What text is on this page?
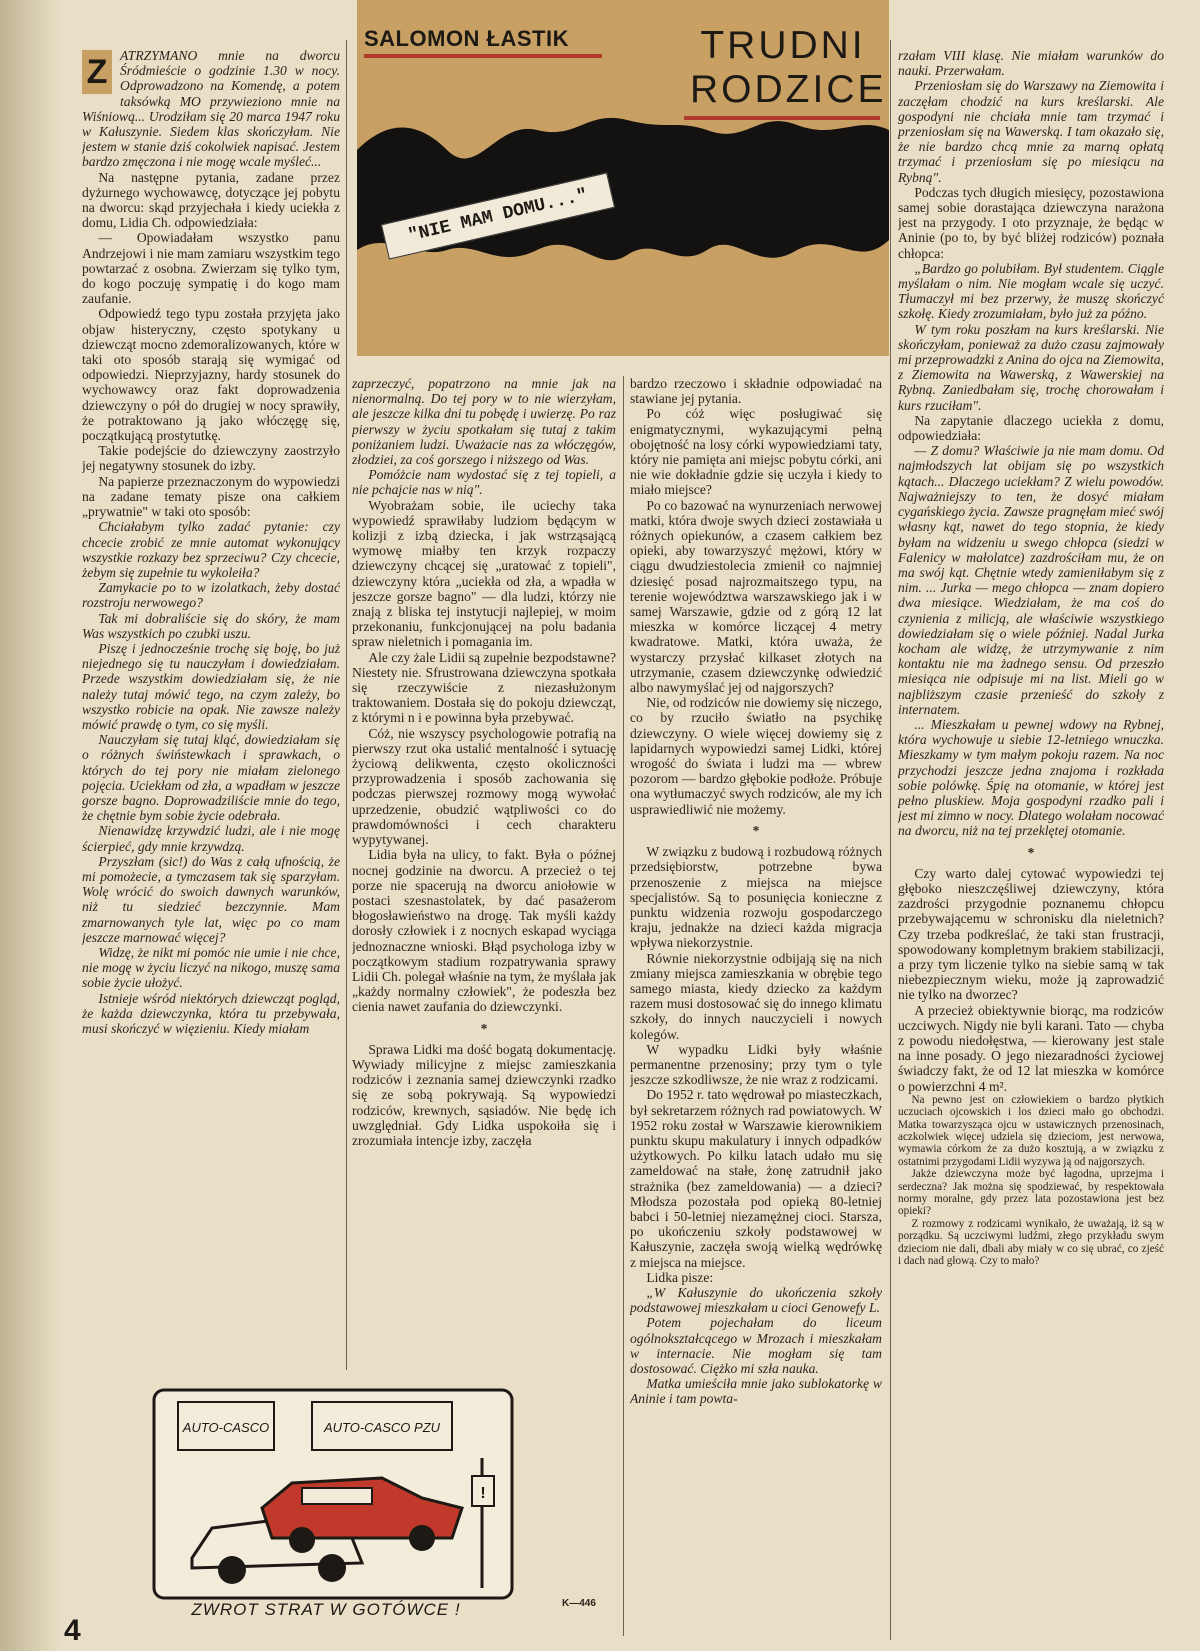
SALOMON ŁASTIK	TRUDNI
RODZICE
"NIE MAM DOMU..."
Z ATRZYMANO mnie na dworcu Śródmieście o godzinie 1.30 w nocy. Odprowadzono na Komendę, a potem taksówką MO przywieziono mnie na Wiśniową... Urodziłam się 20 marca 1947 roku w Kałuszynie. Siedem klas skończyłam. Nie jestem w stanie dziś cokolwiek napisać. Jestem bardzo zmęczona i nie mogę wcale myśleć...

Na następne pytania, zadane przez dyżurnego wychowawcę, dotyczące jej pobytu na dworcu: skąd przyjechała i kiedy uciekła z domu, Lidia Ch. odpowiedziała:

— Opowiadałam wszystko panu Andrzejowi i nie mam zamiaru wszystkim tego powtarzać z osobna. Zwierzam się tylko tym, do kogo poczuję sympatię i do kogo mam zaufanie.

Odpowiedź tego typu została przyjęta jako objaw histeryczny, często spotykany u dziewcząt mocno zdemoralizowanych, które w taki oto sposób starają się wymigać od odpowiedzi. Nieprzyjazny, hardy stosunek do wychowawcy oraz fakt doprowadzenia dziewczyny o pół do drugiej w nocy sprawiły, że potraktowano ją jako włóczęgę się, początkującą prostytutkę.

Takie podejście do dziewczyny zaostrzyło jej negatywny stosunek do izby.

Na papierze przeznaczonym do wypowiedzi na zadane tematy pisze ona całkiem „prywatnie" w taki oto sposób:

Chciałabym tylko zadać pytanie: czy chcecie zrobić ze mnie automat wykonujący wszystkie rozkazy bez sprzeciwu? Czy chcecie, żebym się zupełnie tu wykoleiła?

Zamykacie po to w izolatkach, żeby dostać rozstroju nerwowego?

Tak mi dobraliście się do skóry, że mam Was wszystkich po czubki uszu.

Piszę i jednocześnie trochę się boję, bo już niejednego się tu nauczyłam i dowiedziałam. Przede wszystkim dowiedziałam się, że nie należy tutaj mówić tego, na czym zależy, bo wszystko robicie na opak. Nie zawsze należy mówić prawdę o tym, co się myśli.

Nauczyłam się tutaj kląć, dowiedziałam się o różnych świństewkach i sprawkach, o których do tej pory nie miałam zielonego pojęcia. Uciekłam od zła, a wpadłam w jeszcze gorsze bagno. Doprowadziliście mnie do tego, że chętnie bym sobie życie odebrała.

Nienawidzę krzywdzić ludzi, ale i nie mogę ścierpieć, gdy mnie krzywdzą.

Przyszłam (sic!) do Was z całą ufnością, że mi pomożecie, a tymczasem tak się sparzyłam. Wolę wrócić do swoich dawnych warunków, niż tu siedzieć bezczynnie. Mam zmarnowanych tyle lat, więc po co mam jeszcze marnować więcej?

Widzę, że nikt mi pomóc nie umie i nie chce, nie mogę w życiu liczyć na nikogo, muszę sama sobie życie ułożyć.

Istnieje wśród niektórych dziewcząt pogląd, że każda dziewczynka, która tu przebywała, musi skończyć w więzieniu. Kiedy miałam

zaprzeczyć, popatrzono na mnie jak na nienormalną. Do tej pory w to nie wierzyłam, ale jeszcze kilka dni tu pobędę i uwierzę. Po raz pierwszy w życiu spotkałam się tutaj z takim poniżaniem ludzi. Uważacie nas za włóczęgów, złodziei, za coś gorszego i niższego od Was.

Pomóżcie nam wydostać się z tej topieli, a nie pchajcie nas w nią".

Wyobrażam sobie, ile uciechy taka wypowiedź sprawiłaby ludziom będącym w kolizji z izbą dziecka, i jak wstrząsającą wymowę miałby ten krzyk rozpaczy dziewczyny chcącej się „uratować z topieli", dziewczyny która „uciekła od zła, a wpadła w jeszcze gorsze bagno" — dla ludzi, którzy nie znają z bliska tej instytucji najlepiej, w moim przekonaniu, funkcjonującej na polu badania spraw nieletnich i pomagania im.

Ale czy żale Lidii są zupełnie bezpodstawne? Niestety nie. Sfrustrowana dziewczyna spotkała się rzeczywiście z niezasłużonym traktowaniem. Dostała się do pokoju dziewcząt, z którymi n i e powinna była przebywać.

Cóż, nie wszyscy psychologowie potrafią na pierwszy rzut oka ustalić mentalność i sytuację życiową delikwenta, często okoliczności przyprowadzenia i sposób zachowania się podczas pierwszej rozmowy mogą wywołać uprzedzenie, obudzić wątpliwości co do prawdomówności i cech charakteru wypytywanej.

Lidia była na ulicy, to fakt. Była o późnej nocnej godzinie na dworcu. A przecież o tej porze nie spacerują na dworcu aniołowie w postaci szesnastolatek, by dać pasażerom błogosławieństwo na drogę. Tak myśli każdy dorosły człowiek i z nocnych eskapad wyciąga jednoznaczne wnioski. Błąd psychologa izby w początkowym stadium rozpatrywania sprawy Lidii Ch. polegał właśnie na tym, że myślała jak „każdy normalny człowiek", że podeszła bez cienia nawet zaufania do dziewczynki.

*

Sprawa Lidki ma dość bogatą dokumentację. Wywiady milicyjne z miejsc zamieszkania rodziców i zeznania samej dziewczynki rzadko się ze sobą pokrywają. Są wypowiedzi rodziców, krewnych, sąsiadów. Nie będę ich uwzględniał. Gdy Lidka uspokoiła się i zrozumiała intencje izby, zaczęła

bardzo rzeczowo i składnie odpowiadać na stawiane jej pytania.

Po cóż więc posługiwać się enigmatycznymi, wykazującymi pełną obojętność na losy córki wypowiedziami taty, który nie pamięta ani miejsc pobytu córki, ani nie wie dokładnie gdzie się uczyła i kiedy to miało miejsce?

Po co bazować na wynurzeniach nerwowej matki, która dwoje swych dzieci zostawiała u różnych opiekunów, a czasem całkiem bez opieki, aby towarzyszyć mężowi, który w ciągu dwudziestolecia zmienił co najmniej dziesięć posad najrozmaitszego typu, na terenie województwa warszawskiego jak i w samej Warszawie, gdzie od z górą 12 lat mieszka w komórce liczącej 4 metry kwadratowe. Matki, która uważa, że wystarczy przysłać kilkaset złotych na utrzymanie, czasem dziewczynkę odwiedzić albo nawymyślać jej od najgorszych?

Nie, od rodziców nie dowiemy się niczego, co by rzuciło światło na psychikę dziewczyny. O wiele więcej dowiemy się z lapidarnych wypowiedzi samej Lidki, której wrogość do świata i ludzi ma — wbrew pozorom — bardzo głębokie podłoże. Próbuje ona wytłumaczyć swych rodziców, ale my ich usprawiedliwić nie możemy.

*

W związku z budową i rozbudową różnych przedsiębiorstw, potrzebne bywa przenoszenie z miejsca na miejsce specjalistów. Są to posunięcia konieczne z punktu widzenia rozwoju gospodarczego kraju, jednakże na dzieci każda migracja wpływa niekorzystnie.

Równie niekorzystnie odbijają się na nich zmiany miejsca zamieszkania w obrębie tego samego miasta, kiedy dziecko za każdym razem musi dostosować się do innego klimatu szkoły, do innych nauczycieli i nowych kolegów.

W wypadku Lidki były właśnie permanentne przenosiny; przy tym o tyle jeszcze szkodliwsze, że nie wraz z rodzicami.

Do 1952 r. tato wędrował po miasteczkach, był sekretarzem różnych rad powiatowych. W 1952 roku został w Warszawie kierownikiem punktu skupu makulatury i innych odpadków użytkowych. Po kilku latach udało mu się zameldować na stałe, żonę zatrudnił jako strażnika (bez zameldowania) — a dzieci? Młodsza pozostała pod opieką 80-letniej babci i 50-letniej niezamężnej cioci. Starsza, po ukończeniu szkoły podstawowej w Kałuszynie, zaczęła swoją wielką wędrówkę z miejsca na miejsce.

Lidka pisze:

„W Kałuszynie do ukończenia szkoły podstawowej mieszkałam u cioci Genowefy L.

Potem pojechałam do liceum ogólnokształcącego w Mrozach i mieszkałam w internacie. Nie mogłam się tam dostosować. Ciężko mi szła nauka.

Matka umieściła mnie jako sublokatorkę w Aninie i tam powta-

rzałam VIII klasę. Nie miałam warunków do nauki. Przerwałam.

Przeniosłam się do Warszawy na Ziemowita i zaczęłam chodzić na kurs kreślarski. Ale gospodyni nie chciała mnie tam trzymać i przeniosłam się na Wawerską. I tam okazało się, że nie bardzo chcą mnie za marną opłatą trzymać i przeniosłam się po miesiącu na Rybną".

Podczas tych długich miesięcy, pozostawiona samej sobie dorastająca dziewczyna narażona jest na przygody. I oto przyznaje, że będąc w Aninie (po to, by być bliżej rodziców) poznała chłopca:

„Bardzo go polubiłam. Był studentem. Ciągle myślałam o nim. Nie mogłam wcale się uczyć. Tłumaczył mi bez przerwy, że muszę skończyć szkołę. Kiedy zrozumiałam, było już za późno.

W tym roku poszłam na kurs kreślarski. Nie skończyłam, ponieważ za dużo czasu zajmowały mi przeprowadzki z Anina do ojca na Ziemowita, z Ziemowita na Wawerską, z Wawerskiej na Rybną. Zaniedbałam się, trochę chorowałam i kurs rzuciłam".

Na zapytanie dlaczego uciekła z domu, odpowiedziała:

— Z domu? Właściwie ja nie mam domu. Od najmłodszych lat obijam się po wszystkich kątach... Dlaczego uciekłam? Z wielu powodów. Najważniejszy to ten, że dosyć miałam cygańskiego życia. Zawsze pragnęłam mieć swój własny kąt, nawet do tego stopnia, że kiedy byłam na widzeniu u swego chłopca (siedzi w Falenicy w małolatce) zazdrościłam mu, że on ma swój kąt. Chętnie wtedy zamieniłabym się z nim. ... Jurka — mego chłopca — znam dopiero dwa miesiące. Wiedziałam, że ma coś do czynienia z milicją, ale właściwie wszystkiego dowiedziałam się o wiele później. Nadal Jurka kocham ale widzę, że utrzymywanie z nim kontaktu nie ma żadnego sensu. Od przeszło miesiąca nie odpisuje mi na list. Mieli go w najbliższym czasie przenieść do szkoły z internatem.

... Mieszkałam u pewnej wdowy na Rybnej, która wychowuje u siebie 12-letniego wnuczka. Mieszkamy w tym małym pokoju razem. Na noc przychodzi jeszcze jedna znajoma i rozkłada sobie polówkę. Śpię na otomanie, w której jest pełno pluskiew. Moja gospodyni rzadko pali i jest mi zimno w nocy. Dlatego wolałam nocować na dworcu, niż na tej przeklętej otomanie.

*

Czy warto dalej cytować wypowiedzi tej głęboko nieszczęśliwej dziewczyny, która zazdrości przygodnie poznanemu chłopcu przebywającemu w schronisku dla nieletnich? Czy trzeba podkreślać, że taki stan frustracji, spowodowany kompletnym brakiem stabilizacji, a przy tym liczenie tylko na siebie samą w tak niebezpiecznym wieku, może ją zaprowadzić nie tylko na dworzec?

A przecież obiektywnie biorąc, ma rodziców uczciwych. Nigdy nie byli karani. Tato — chyba z powodu niedołęstwa, — kierowany jest stale na inne posady. O jego niezaradności życiowej świadczy fakt, że od 12 lat mieszka w komórce o powierzchni 4 m².

Na pewno jest on człowiekiem o bardzo płytkich uczuciach ojcowskich i los dzieci mało go obchodzi. Matka towarzysząca ojcu w ustawicznych przenosinach, aczkolwiek więcej udziela się dzieciom, jest nerwowa, wymawia córkom że za dużo kosztują, a w związku z ostatnimi przygodami Lidii wyzywa ją od najgorszych.

Jakże dziewczyna może być łagodna, uprzejma i serdeczna? Jak można się spodziewać, by respektowała normy moralne, gdy przez lata pozostawiona jest bez opieki?

Z rozmowy z rodzicami wynikało, że uważają, iż są w porządku. Są uczciwymi ludźmi, złego przykładu swym dzieciom nie dali, dbali aby miały w co się ubrać, co zjeść i dach nad głową. Czy to mało?

AUTO-CASCO	AUTO-CASCO PZU
!
ZWROT STRAT W GOTÓWCE !
4
K—446
